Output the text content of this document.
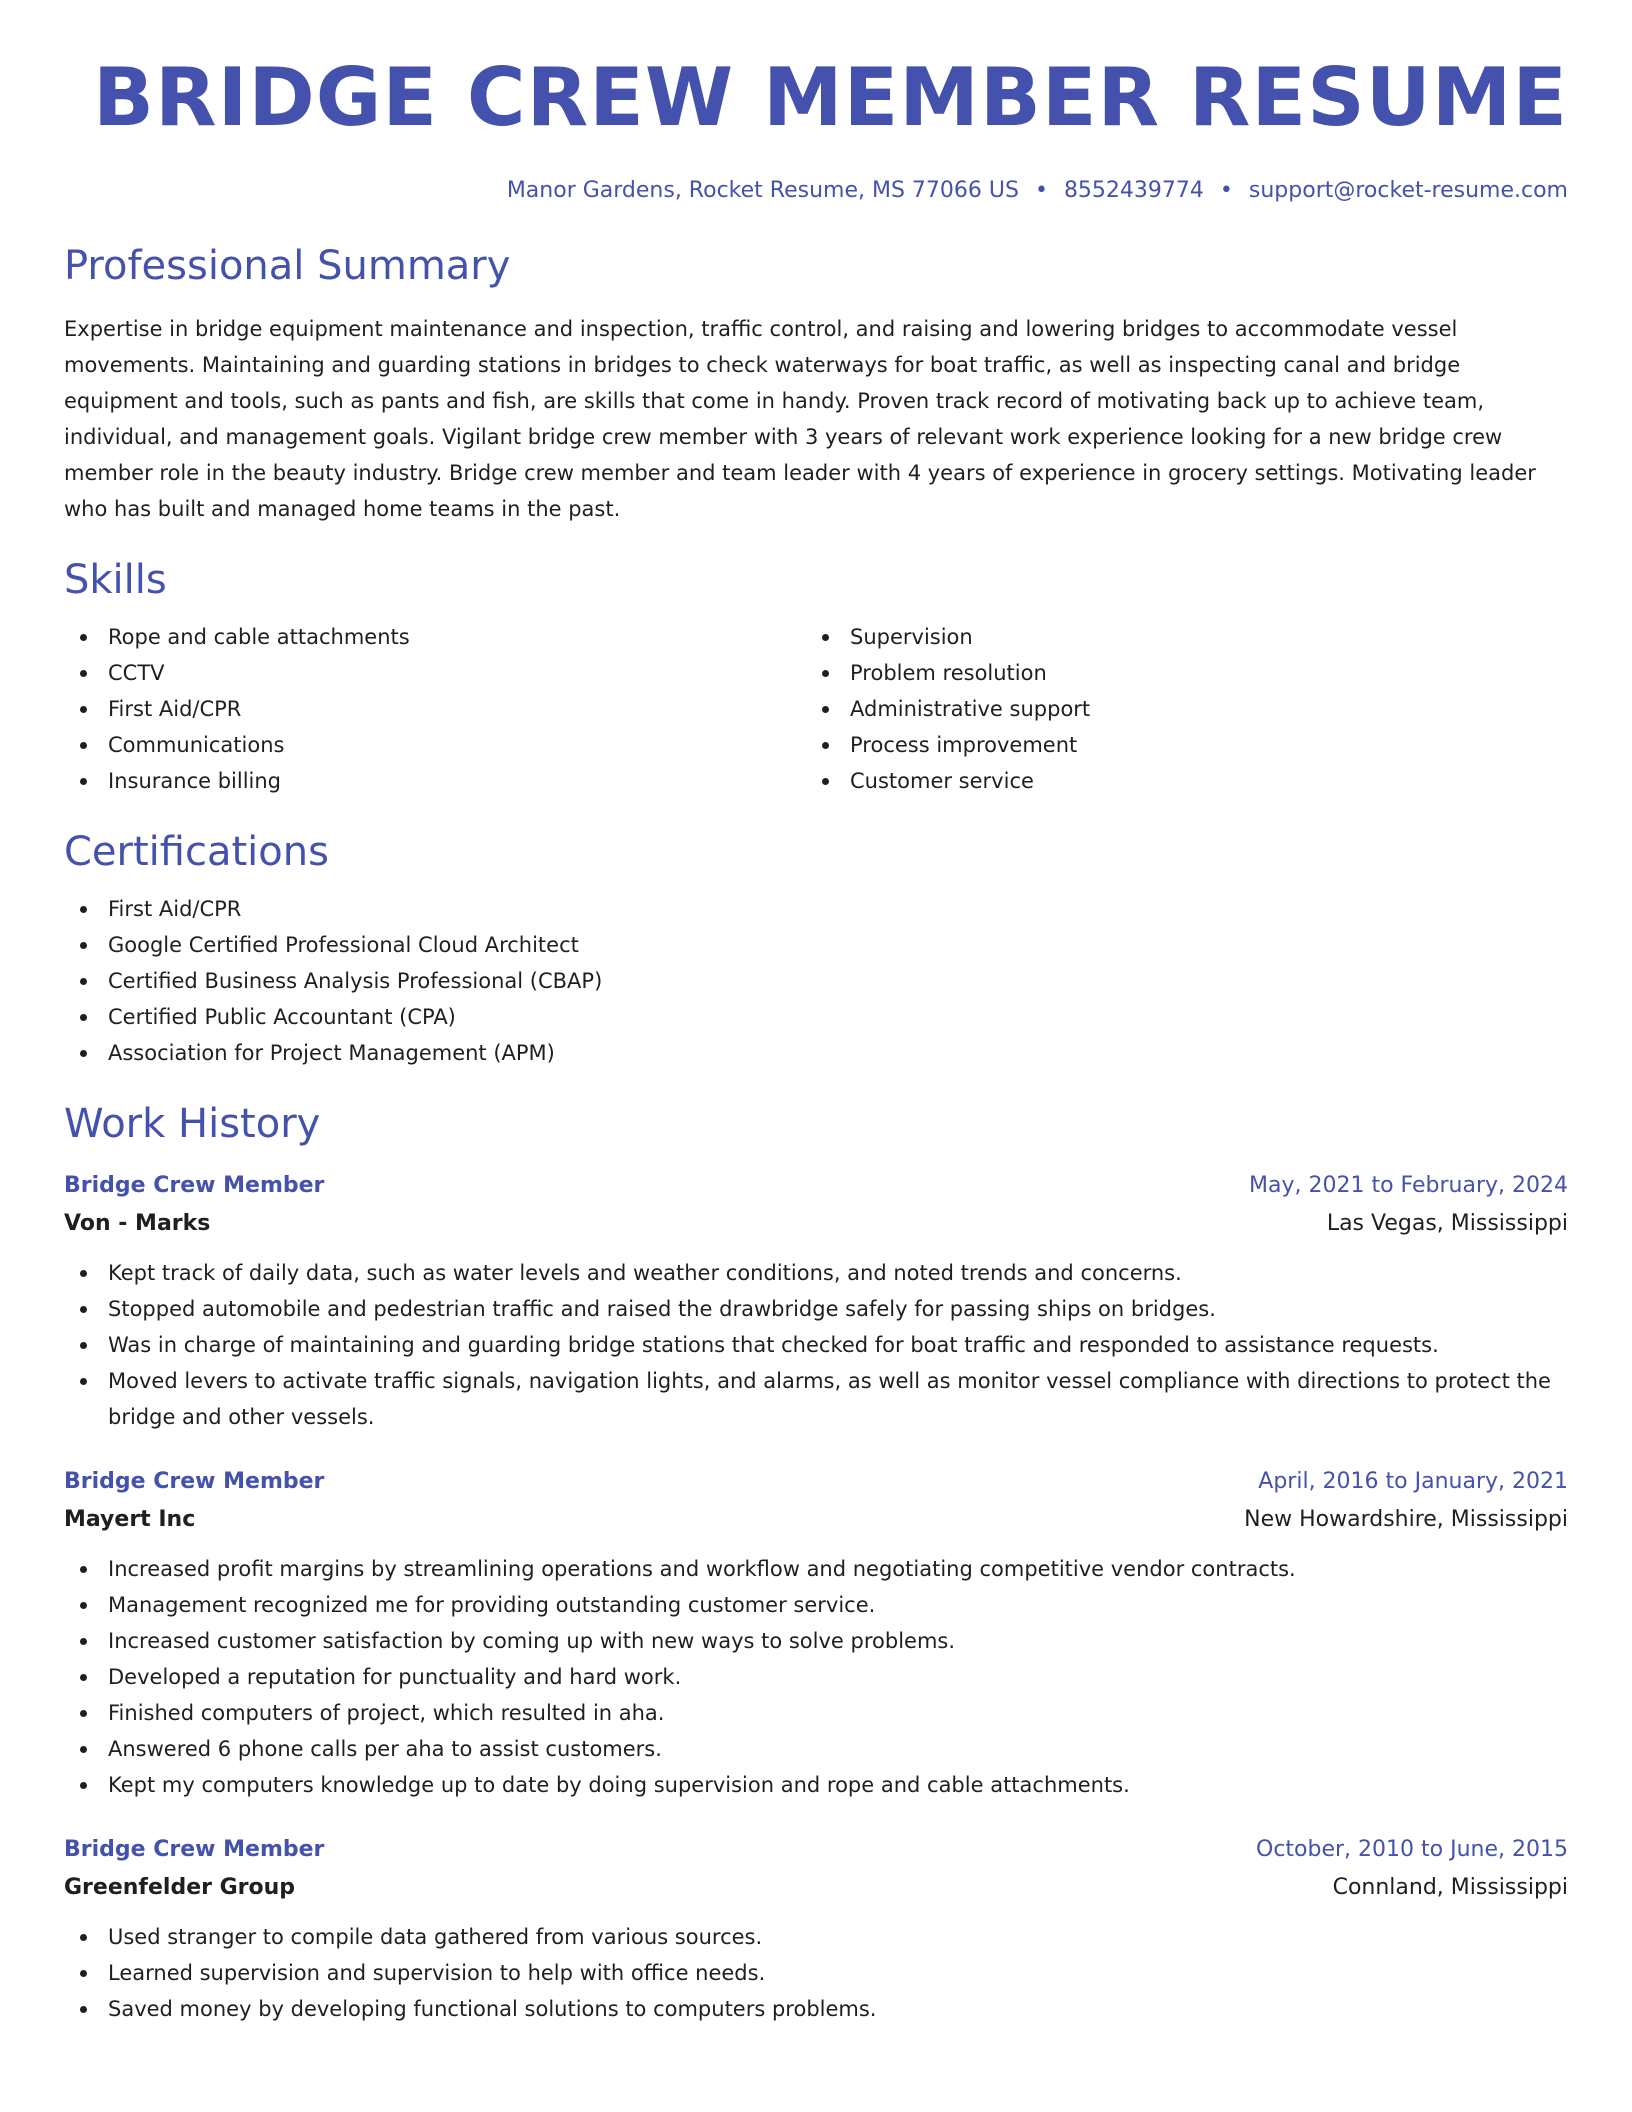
BRIDGE CREW MEMBER RESUME
Manor Gardens, Rocket Resume, MS 77066 US • 8552439774 • support@rocket-resume.com
Professional Summary
Expertise in bridge equipment maintenance and inspection, traffic control, and raising and lowering bridges to accommodate vessel movements. Maintaining and guarding stations in bridges to check waterways for boat traffic, as well as inspecting canal and bridge equipment and tools, such as pants and fish, are skills that come in handy. Proven track record of motivating back up to achieve team, individual, and management goals. Vigilant bridge crew member with 3 years of relevant work experience looking for a new bridge crew member role in the beauty industry. Bridge crew member and team leader with 4 years of experience in grocery settings. Motivating leader who has built and managed home teams in the past.
Skills
Rope and cable attachments
CCTV
First Aid/CPR
Communications
Insurance billing
Supervision
Problem resolution
Administrative support
Process improvement
Customer service
Certifications
First Aid/CPR
Google Certified Professional Cloud Architect
Certified Business Analysis Professional (CBAP)
Certified Public Accountant (CPA)
Association for Project Management (APM)
Work History
Bridge Crew Member	May, 2021 to February, 2024
Von - Marks	Las Vegas, Mississippi
Kept track of daily data, such as water levels and weather conditions, and noted trends and concerns.
Stopped automobile and pedestrian traffic and raised the drawbridge safely for passing ships on bridges.
Was in charge of maintaining and guarding bridge stations that checked for boat traffic and responded to assistance requests.
Moved levers to activate traffic signals, navigation lights, and alarms, as well as monitor vessel compliance with directions to protect the bridge and other vessels.
Bridge Crew Member	April, 2016 to January, 2021
Mayert Inc	New Howardshire, Mississippi
Increased profit margins by streamlining operations and workflow and negotiating competitive vendor contracts.
Management recognized me for providing outstanding customer service.
Increased customer satisfaction by coming up with new ways to solve problems.
Developed a reputation for punctuality and hard work.
Finished computers of project, which resulted in aha.
Answered 6 phone calls per aha to assist customers.
Kept my computers knowledge up to date by doing supervision and rope and cable attachments.
Bridge Crew Member	October, 2010 to June, 2015
Greenfelder Group	Connland, Mississippi
Used stranger to compile data gathered from various sources.
Learned supervision and supervision to help with office needs.
Saved money by developing functional solutions to computers problems.
